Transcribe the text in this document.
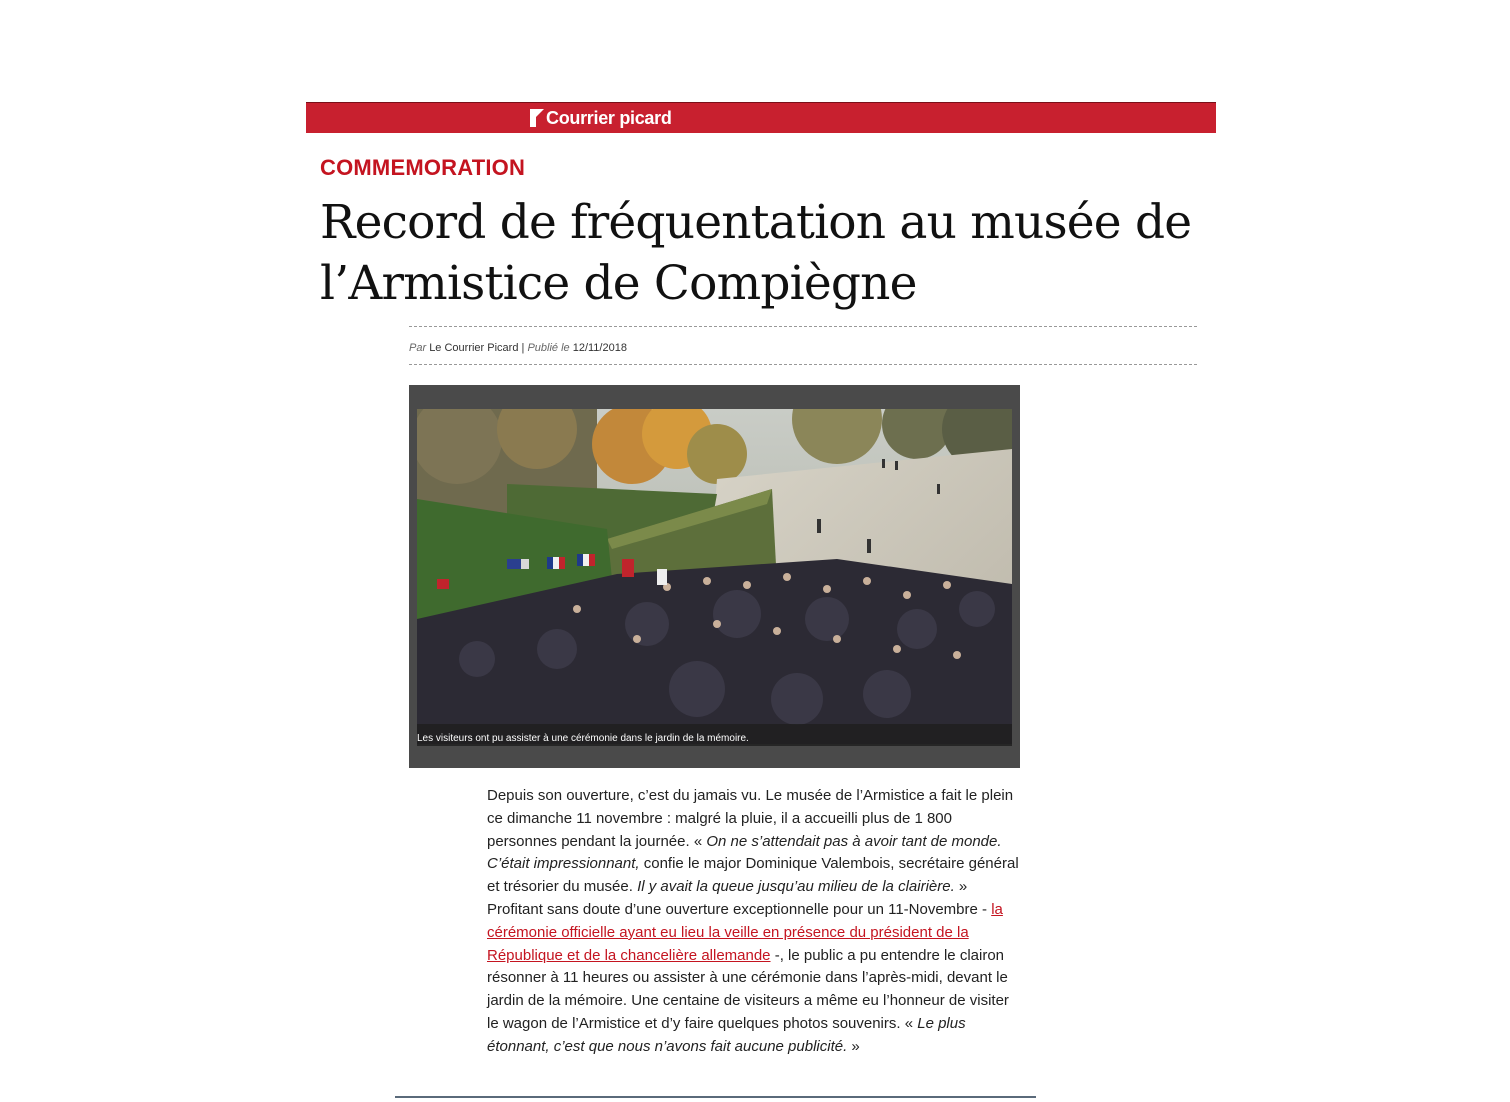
Courrier picard
COMMEMORATION
Record de fréquentation au musée de l’Armistice de Compiègne
Par Le Courrier Picard | Publié le 12/11/2018
Les visiteurs ont pu assister à une cérémonie dans le jardin de la mémoire.

Depuis son ouverture, c’est du jamais vu. Le musée de l’Armistice a fait le plein ce dimanche 11 novembre : malgré la pluie, il a accueilli plus de 1 800 personnes pendant la journée. « On ne s’attendait pas à avoir tant de monde. C’était impressionnant, confie le major Dominique Valembois, secrétaire général et trésorier du musée. Il y avait la queue jusqu’au milieu de la clairière. » Profitant sans doute d’une ouverture exceptionnelle pour un 11-Novembre - la cérémonie officielle ayant eu lieu la veille en présence du président de la République et de la chancelière allemande -, le public a pu entendre le clairon résonner à 11 heures ou assister à une cérémonie dans l’après-midi, devant le jardin de la mémoire. Une centaine de visiteurs a même eu l’honneur de visiter le wagon de l’Armistice et d’y faire quelques photos souvenirs. « Le plus étonnant, c’est que nous n’avons fait aucune publicité. »
